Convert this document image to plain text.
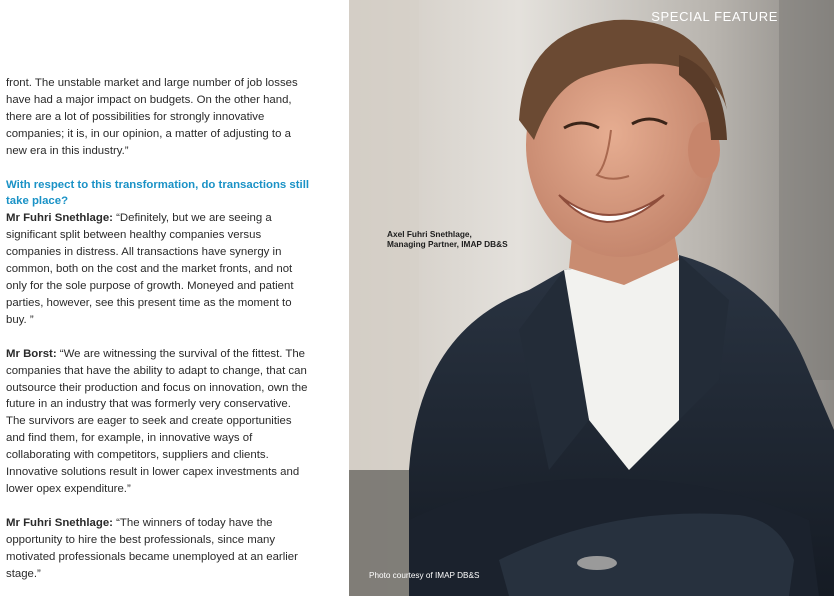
front. The unstable market and large number of job losses have had a major impact on budgets. On the other hand, there are a lot of possibilities for strongly innovative companies; it is, in our opinion, a matter of adjusting to a new era in this industry.”

With respect to this transformation, do transactions still take place?

Mr Fuhri Snethlage: “Definitely, but we are seeing a significant split between healthy companies versus companies in distress. All transactions have synergy in common, both on the cost and the market fronts, and not only for the sole purpose of growth. Moneyed and patient parties, however, see this present time as the moment to buy. ”

Mr Borst: “We are witnessing the survival of the fittest. The companies that have the ability to adapt to change, that can outsource their production and focus on innovation, own the future in an industry that was formerly very conservative. The survivors are eager to seek and create opportunities and find them, for example, in innovative ways of collaborating with competitors, suppliers and clients. Innovative solutions result in lower capex investments and lower opex expenditure.”

Mr Fuhri Snethlage: “The winners of today have the opportunity to hire the best professionals, since many motivated professionals became unemployed at an earlier stage.”

SPECIAL FEATURE
Axel Fuhri Snethlage,
Managing Partner, IMAP DB&S
Photo courtesy of IMAP DB&S
